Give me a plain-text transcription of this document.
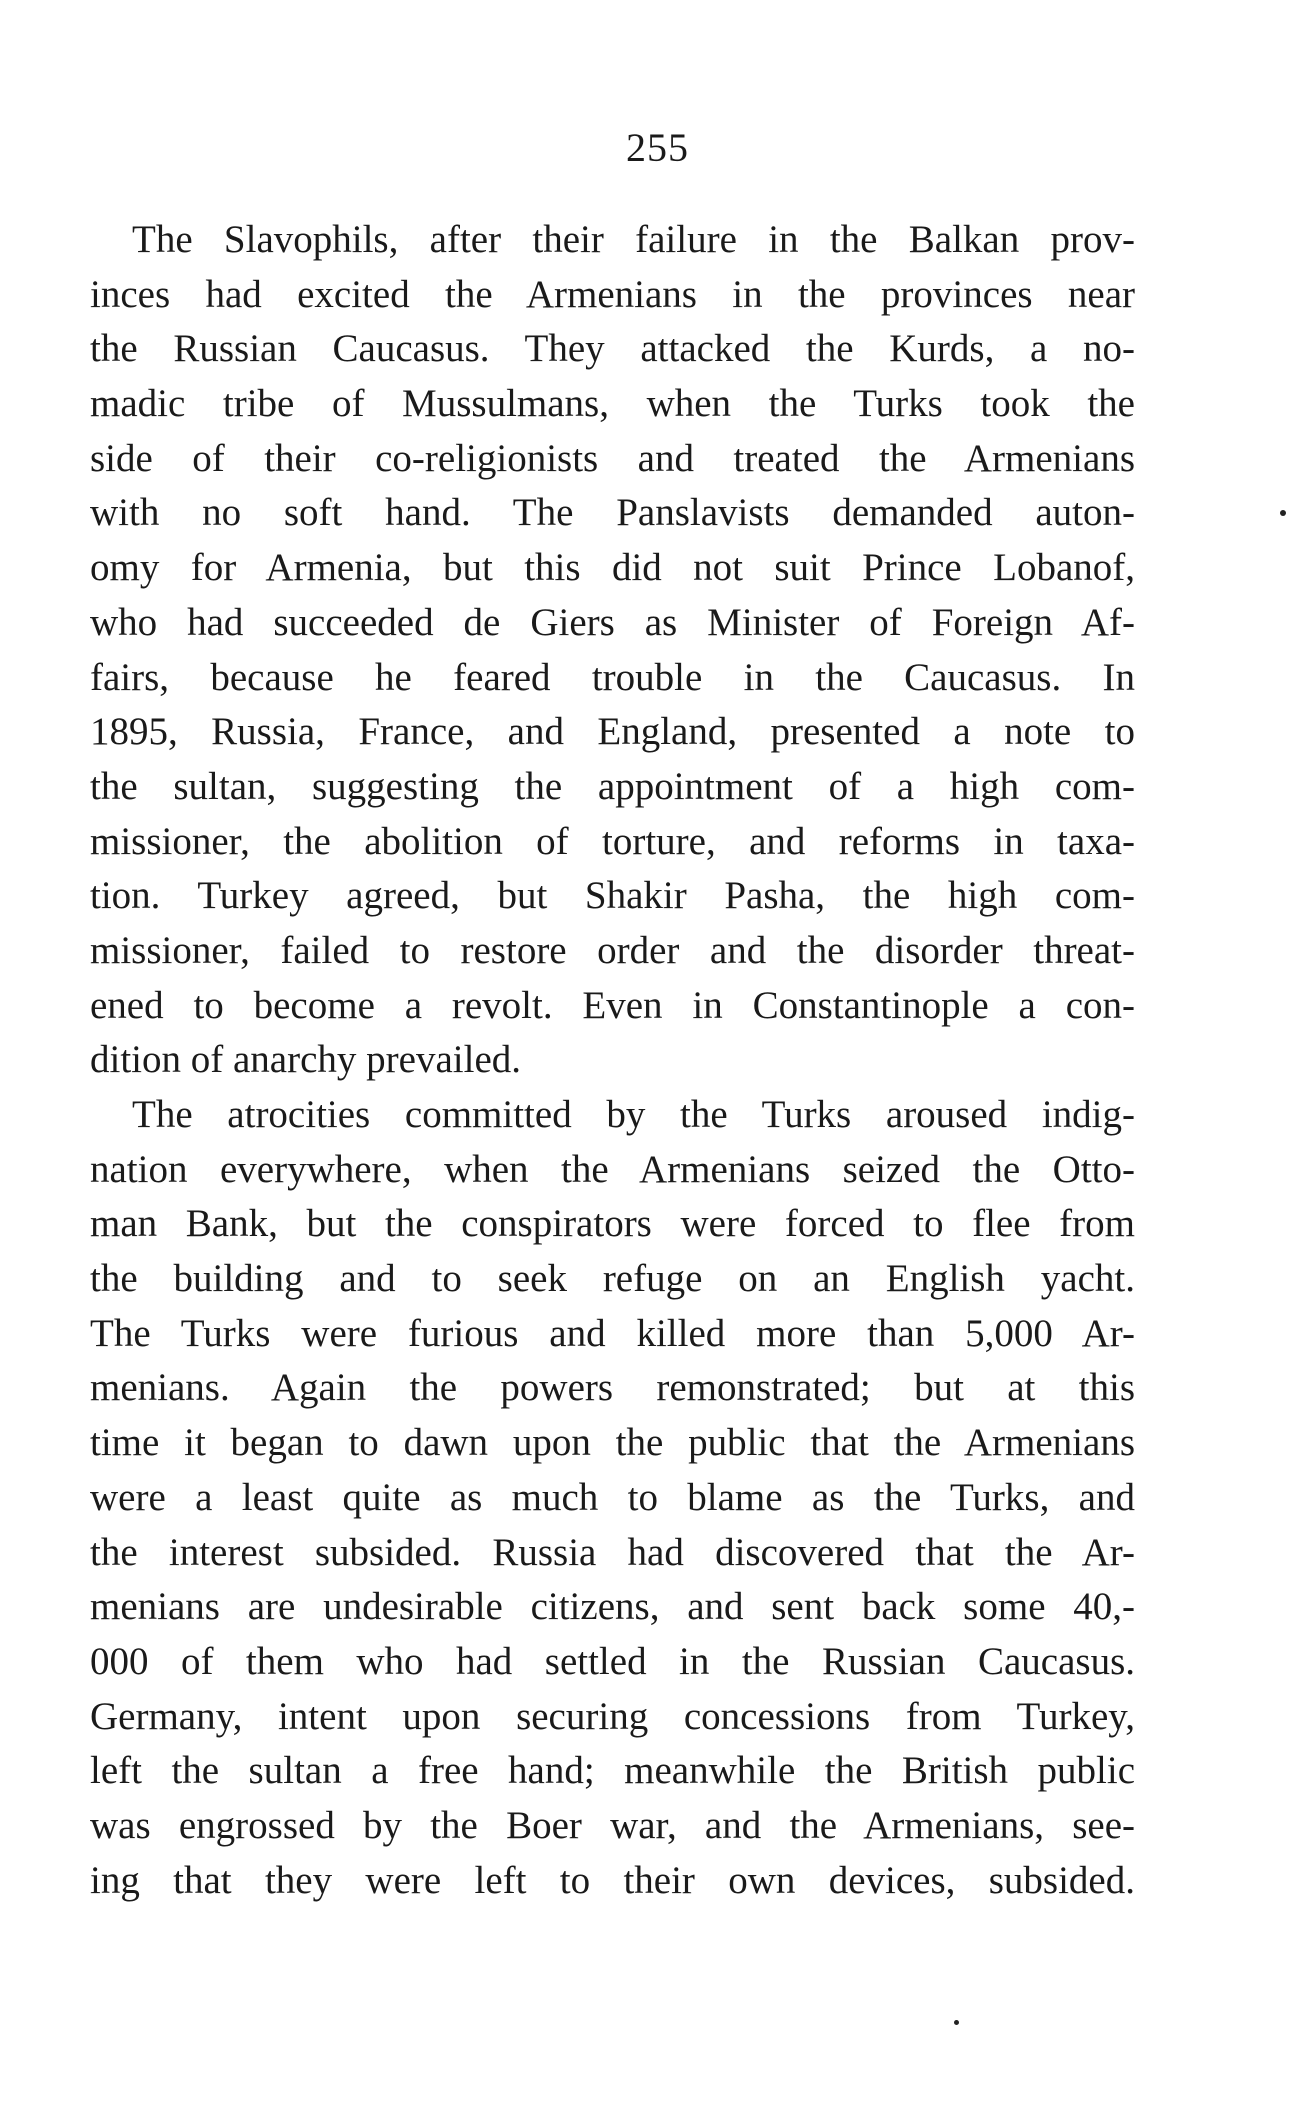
255
The Slavophils, after their failure in the Balkan prov-
inces had excited the Armenians in the provinces near
the Russian Caucasus. They attacked the Kurds, a no-
madic tribe of Mussulmans, when the Turks took the
side of their co-religionists and treated the Armenians
with no soft hand. The Panslavists demanded auton-
omy for Armenia, but this did not suit Prince Lobanof,
who had succeeded de Giers as Minister of Foreign Af-
fairs, because he feared trouble in the Caucasus. In
1895, Russia, France, and England, presented a note to
the sultan, suggesting the appointment of a high com-
missioner, the abolition of torture, and reforms in taxa-
tion. Turkey agreed, but Shakir Pasha, the high com-
missioner, failed to restore order and the disorder threat-
ened to become a revolt. Even in Constantinople a con-
dition of anarchy prevailed.
The atrocities committed by the Turks aroused indig-
nation everywhere, when the Armenians seized the Otto-
man Bank, but the conspirators were forced to flee from
the building and to seek refuge on an English yacht.
The Turks were furious and killed more than 5,000 Ar-
menians. Again the powers remonstrated; but at this
time it began to dawn upon the public that the Armenians
were a least quite as much to blame as the Turks, and
the interest subsided. Russia had discovered that the Ar-
menians are undesirable citizens, and sent back some 40,-
000 of them who had settled in the Russian Caucasus.
Germany, intent upon securing concessions from Turkey,
left the sultan a free hand; meanwhile the British public
was engrossed by the Boer war, and the Armenians, see-
ing that they were left to their own devices, subsided.
